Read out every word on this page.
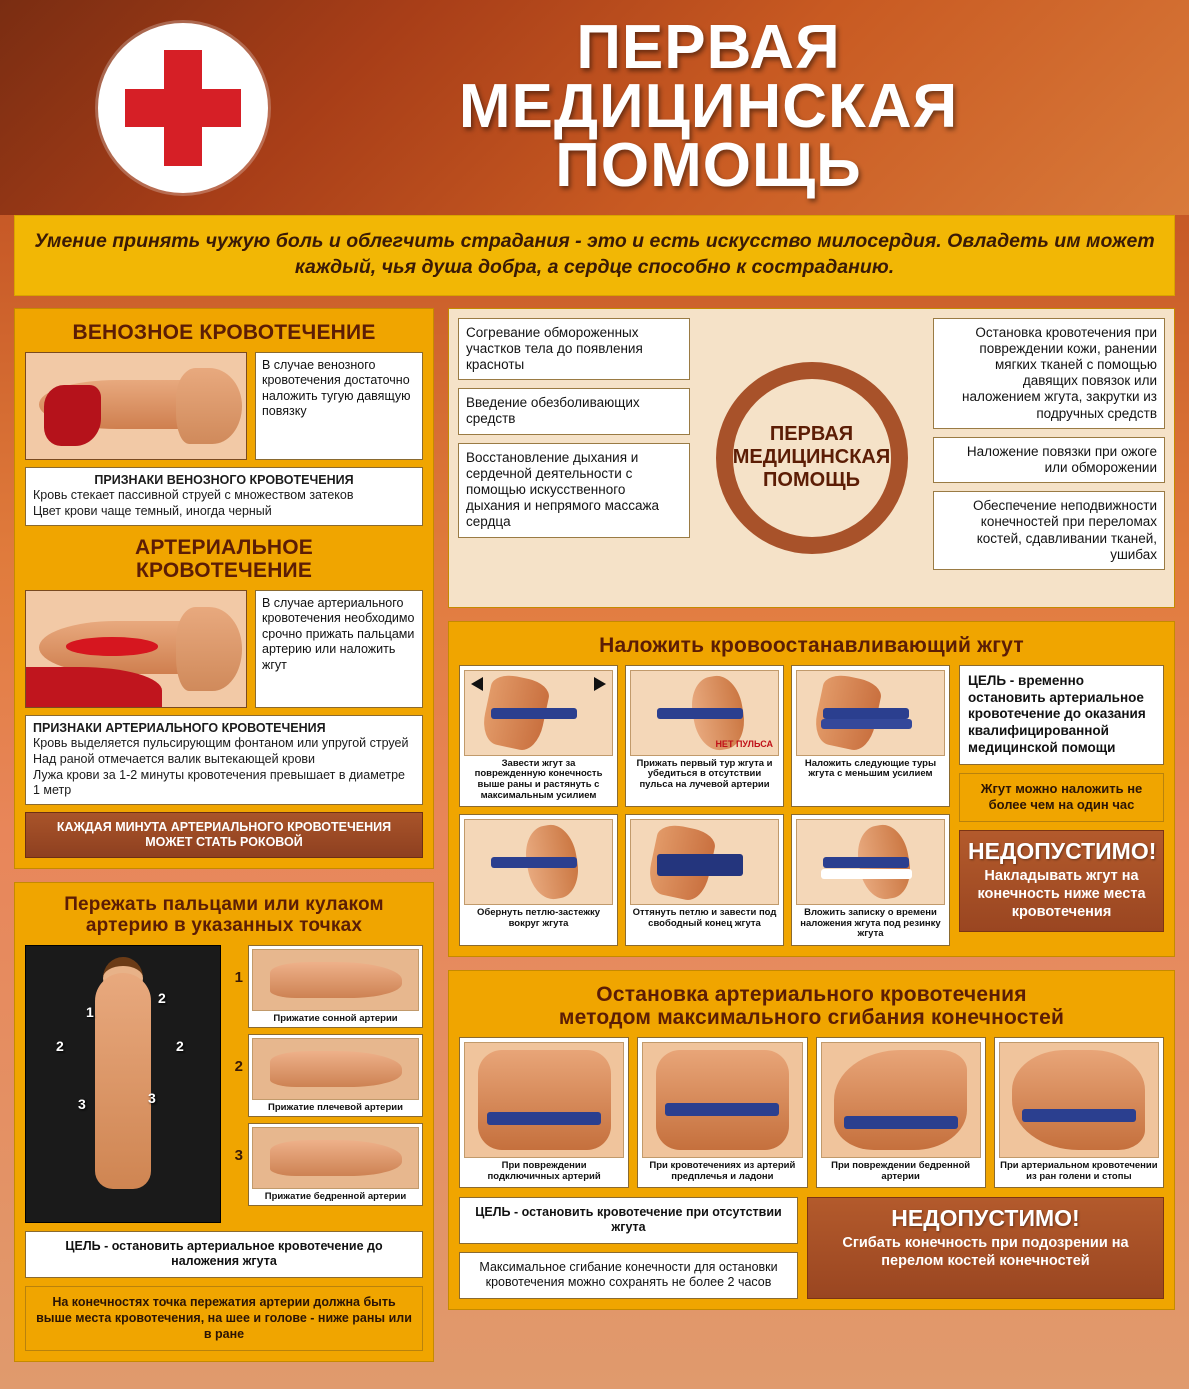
ПЕРВАЯ
МЕДИЦИНСКАЯ
ПОМОЩЬ
Умение принять чужую боль и облегчить страдания - это и есть искусство милосердия. Овладеть им может каждый, чья душа добра, а сердце способно к состраданию.
ВЕНОЗНОЕ КРОВОТЕЧЕНИЕ
В случае венозного кровотечения достаточно наложить тугую давящую повязку
ПРИЗНАКИ ВЕНОЗНОГО КРОВОТЕЧЕНИЯ
Кровь стекает пассивной струей с множеством затеков
Цвет крови чаще темный, иногда черный
АРТЕРИАЛЬНОЕ
КРОВОТЕЧЕНИЕ
В случае артериального кровотечения необходимо срочно прижать пальцами артерию или наложить жгут
ПРИЗНАКИ АРТЕРИАЛЬНОГО КРОВОТЕЧЕНИЯ
Кровь выделяется пульсирующим фонтаном или упругой струей
Над раной отмечается валик вытекающей крови
Лужа крови за 1-2 минуты кровотечения превышает в диаметре 1 метр
КАЖДАЯ МИНУТА АРТЕРИАЛЬНОГО КРОВОТЕЧЕНИЯ МОЖЕТ СТАТЬ РОКОВОЙ
Пережать пальцами или кулаком артерию в указанных точках
1
2
2	2
3	3
1
Прижатие сонной артерии
2
Прижатие плечевой артерии
3
Прижатие бедренной артерии
ЦЕЛЬ - остановить артериальное кровотечение до наложения жгута
На конечностях точка пережатия артерии должна быть выше места кровотечения, на шее и голове - ниже раны или в ране
Согревание обмороженных участков тела до появления красноты
Введение обезболивающих средств
Восстановление дыхания и сердечной деятельности с помощью искусственного дыхания и непрямого массажа сердца
ПЕРВАЯ
МЕДИЦИНСКАЯ
ПОМОЩЬ
Остановка кровотечения при повреждении кожи, ранении мягких тканей с помощью давящих повязок или наложением жгута, закрутки из подручных средств
Наложение повязки при ожоге или обморожении
Обеспечение неподвижности конечностей при переломах костей, сдавливании тканей, ушибах
Наложить кровоостанавливающий жгут
Завести жгут за поврежденную конечность выше раны и растянуть с максимальным усилием
НЕТ ПУЛЬСА
Прижать первый тур жгута и убедиться в отсутствии пульса на лучевой артерии
Наложить следующие туры жгута с меньшим усилием
Обернуть петлю-застежку вокруг жгута
Оттянуть петлю и завести под свободный конец жгута
Вложить записку о времени наложения жгута под резинку жгута
ЦЕЛЬ - временно остановить артериальное кровотечение до оказания квалифицированной медицинской помощи
Жгут можно наложить не более чем на один час
НЕДОПУСТИМО!
Накладывать жгут на конечность ниже места кровотечения
Остановка артериального кровотечения
методом максимального сгибания конечностей
При повреждении подключичных артерий
При кровотечениях из артерий предплечья и ладони
При повреждении бедренной артерии
При артериальном кровотечении из ран голени и стопы
ЦЕЛЬ - остановить кровотечение при отсутствии жгута
Максимальное сгибание конечности для остановки кровотечения можно сохранять не более 2 часов
НЕДОПУСТИМО!
Сгибать конечность при подозрении на перелом костей конечностей
